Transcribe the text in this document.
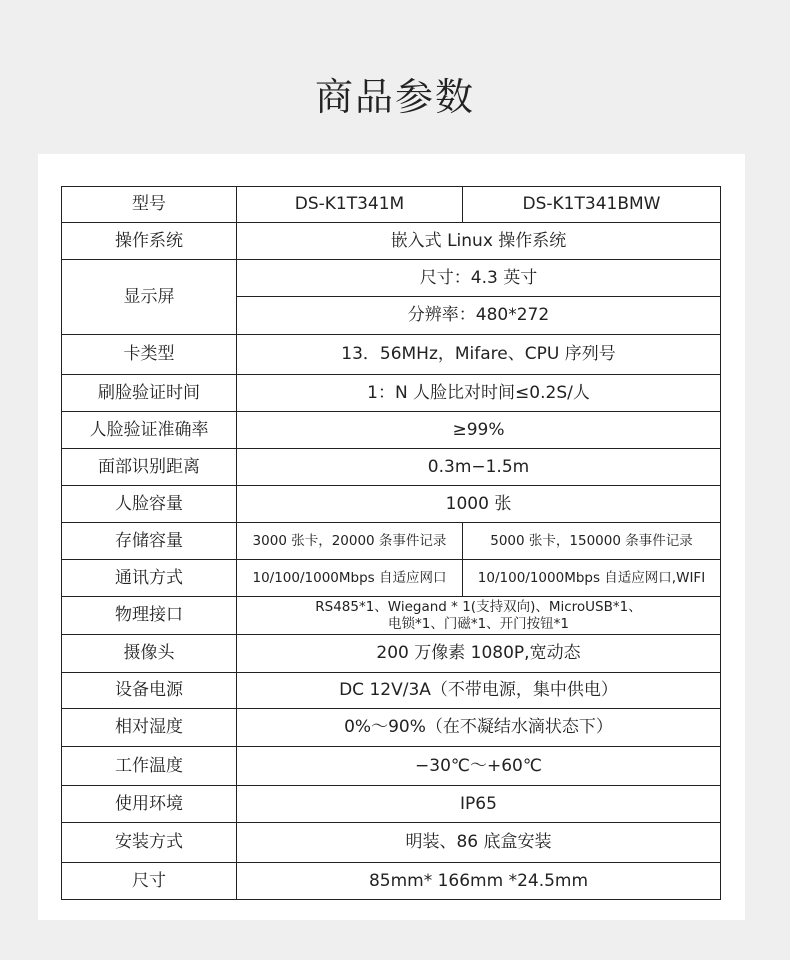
商品参数
型号	DS-K1T341M	DS-K1T341BMW
操作系统	嵌入式 Linux 操作系统	
显示屏	尺寸：4.3 英寸	
	分辨率：480*272	
卡类型	13．56MHz，Mifare、CPU 序列号	
刷脸验证时间	1：N 人脸比对时间≤0.2S/人	
人脸验证准确率	≥99%	
面部识别距离	0.3m−1.5m	
人脸容量	1000 张	
存储容量	3000 张卡，20000 条事件记录	5000 张卡，150000 条事件记录
通讯方式	10/100/1000Mbps 自适应网口	10/100/1000Mbps 自适应网口,WIFI
物理接口	RS485*1、Wiegand * 1(支持双向)、MicroUSB*1、
电锁*1、门磁*1、开门按钮*1	

摄像头	200 万像素 1080P,宽动态	
设备电源	DC 12V/3A（不带电源，集中供电）	
相对湿度	0%～90%（在不凝结水滴状态下）	
工作温度	−30℃～+60℃	
使用环境	IP65	
安装方式	明装、86 底盒安装	
尺寸	85mm* 166mm *24.5mm	
